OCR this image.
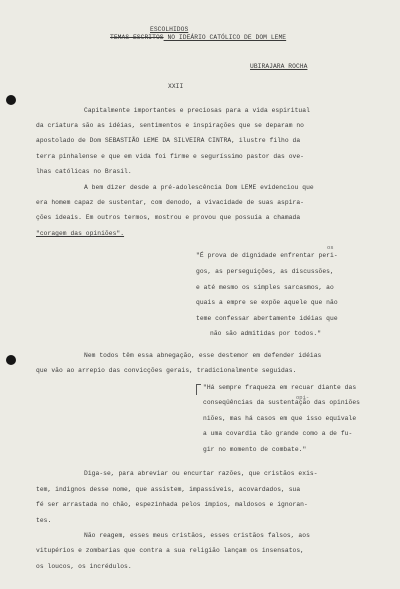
ESCOLHIDOS

TEMAS ESCRITOS NO IDEÁRIO CATÓLICO DE DOM LEME

UBIRAJARA ROCHA

XXII

Capitalmente importantes e preciosas para a vida espiritual

da criatura são as idéias, sentimentos e inspirações que se deparam no

apostolado de Dom SEBASTIÃO LEME DA SILVEIRA CINTRA, ilustre filho da

terra pinhalense e que em vida foi firme e seguríssimo pastor das ove-

lhas católicas no Brasil.

A bem dizer desde a pré-adolescência Dom LEME evidenciou que

era homem capaz de sustentar, com denodo, a vivacidade de suas aspira-

ções ideais. Em outros termos, mostrou e provou que possuía a chamada

"coragem das opiniões".

os

"É prova de dignidade enfrentar peri-

gos, as perseguições, as discussões,

e até mesmo os simples sarcasmos, ao

quais a empre se expõe aquele que não

teme confessar abertamente idéias que

não são admitidas por todos."

Nem todos têm essa abnegação, esse destemor em defender idéias

que vão ao arrepio das convicções gerais, tradicionalmente seguidas.

opi-

"Há sempre fraqueza em recuar diante das

conseqüências da sustentação das opiniões

niões, mas há casos em que isso equivale

a uma covardia tão grande como a de fu-

gir no momento de combate."

Diga-se, para abreviar ou encurtar razões, que cristãos exis-

tem, indignos desse nome, que assistem, impassíveis, acovardados, sua

fé ser arrastada no chão, espezinhada pelos ímpios, maldosos e ignoran-

tes.

Não reagem, esses meus cristãos, esses cristãos falsos, aos

vitupérios e zombarias que contra a sua religião lançam os insensatos,

os loucos, os incrédulos.
